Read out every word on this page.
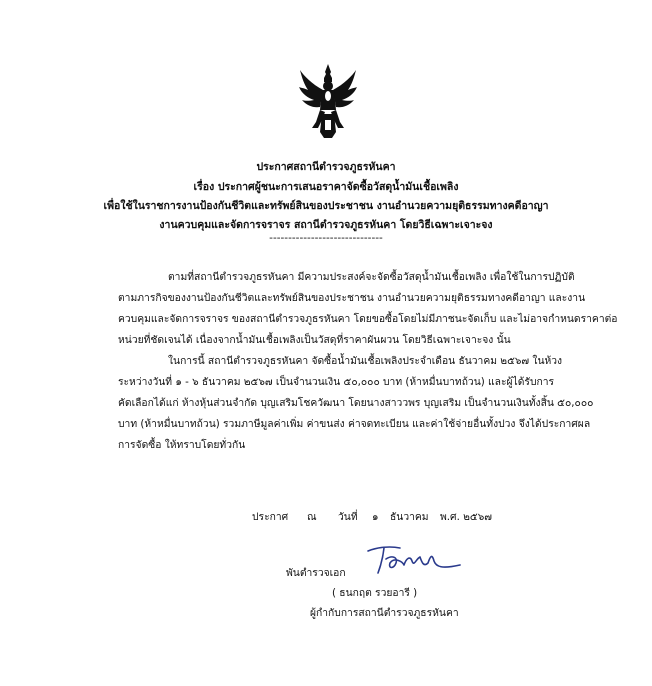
ประกาศสถานีตำรวจภูธรหันคา
เรื่อง ประกาศผู้ชนะการเสนอราคาจัดซื้อวัสดุน้ำมันเชื้อเพลิง
เพื่อใช้ในราชการงานป้องกันชีวิตและทรัพย์สินของประชาชน งานอำนวยความยุติธรรมทางคดีอาญา
งานควบคุมและจัดการจราจร สถานีตำรวจภูธรหันคา โดยวิธีเฉพาะเจาะจง
------------------------------
ตามที่สถานีตำรวจภูธรหันคา มีความประสงค์จะจัดซื้อวัสดุน้ำมันเชื้อเพลิง เพื่อใช้ในการปฏิบัติ
ตามภารกิจของงานป้องกันชีวิตและทรัพย์สินของประชาชน งานอำนวยความยุติธรรมทางคดีอาญา และงาน
ควบคุมและจัดการจราจร ของสถานีตำรวจภูธรหันคา โดยขอซื้อโดยไม่มีภาชนะจัดเก็บ และไม่อาจกำหนดราคาต่อ
หน่วยที่ชัดเจนได้ เนื่องจากน้ำมันเชื้อเพลิงเป็นวัสดุที่ราคาผันผวน โดยวิธีเฉพาะเจาะจง นั้น
ในการนี้ สถานีตำรวจภูธรหันคา จัดซื้อน้ำมันเชื้อเพลิงประจำเดือน ธันวาคม ๒๕๖๗ ในห้วง
ระหว่างวันที่ ๑ - ๖ ธันวาคม ๒๕๖๗ เป็นจำนวนเงิน ๕๐,๐๐๐ บาท (ห้าหมื่นบาทถ้วน) และผู้ได้รับการ
คัดเลือกได้แก่ ห้างหุ้นส่วนจำกัด บุญเสริมโชควัฒนา โดยนางสาววพร บุญเสริม เป็นจำนวนเงินทั้งสิ้น ๕๐,๐๐๐
บาท (ห้าหมื่นบาทถ้วน) รวมภาษีมูลค่าเพิ่ม ค่าขนส่ง ค่าจดทะเบียน และค่าใช้จ่ายอื่นทั้งปวง จึงได้ประกาศผล
การจัดซื้อ ให้ทราบโดยทั่วกัน
ประกาศ ณ วันที่ ๑ ธันวาคม พ.ศ. ๒๕๖๗
พันตำรวจเอก
( ธนกฤต รวยอารี )
ผู้กำกับการสถานีตำรวจภูธรหันคา
